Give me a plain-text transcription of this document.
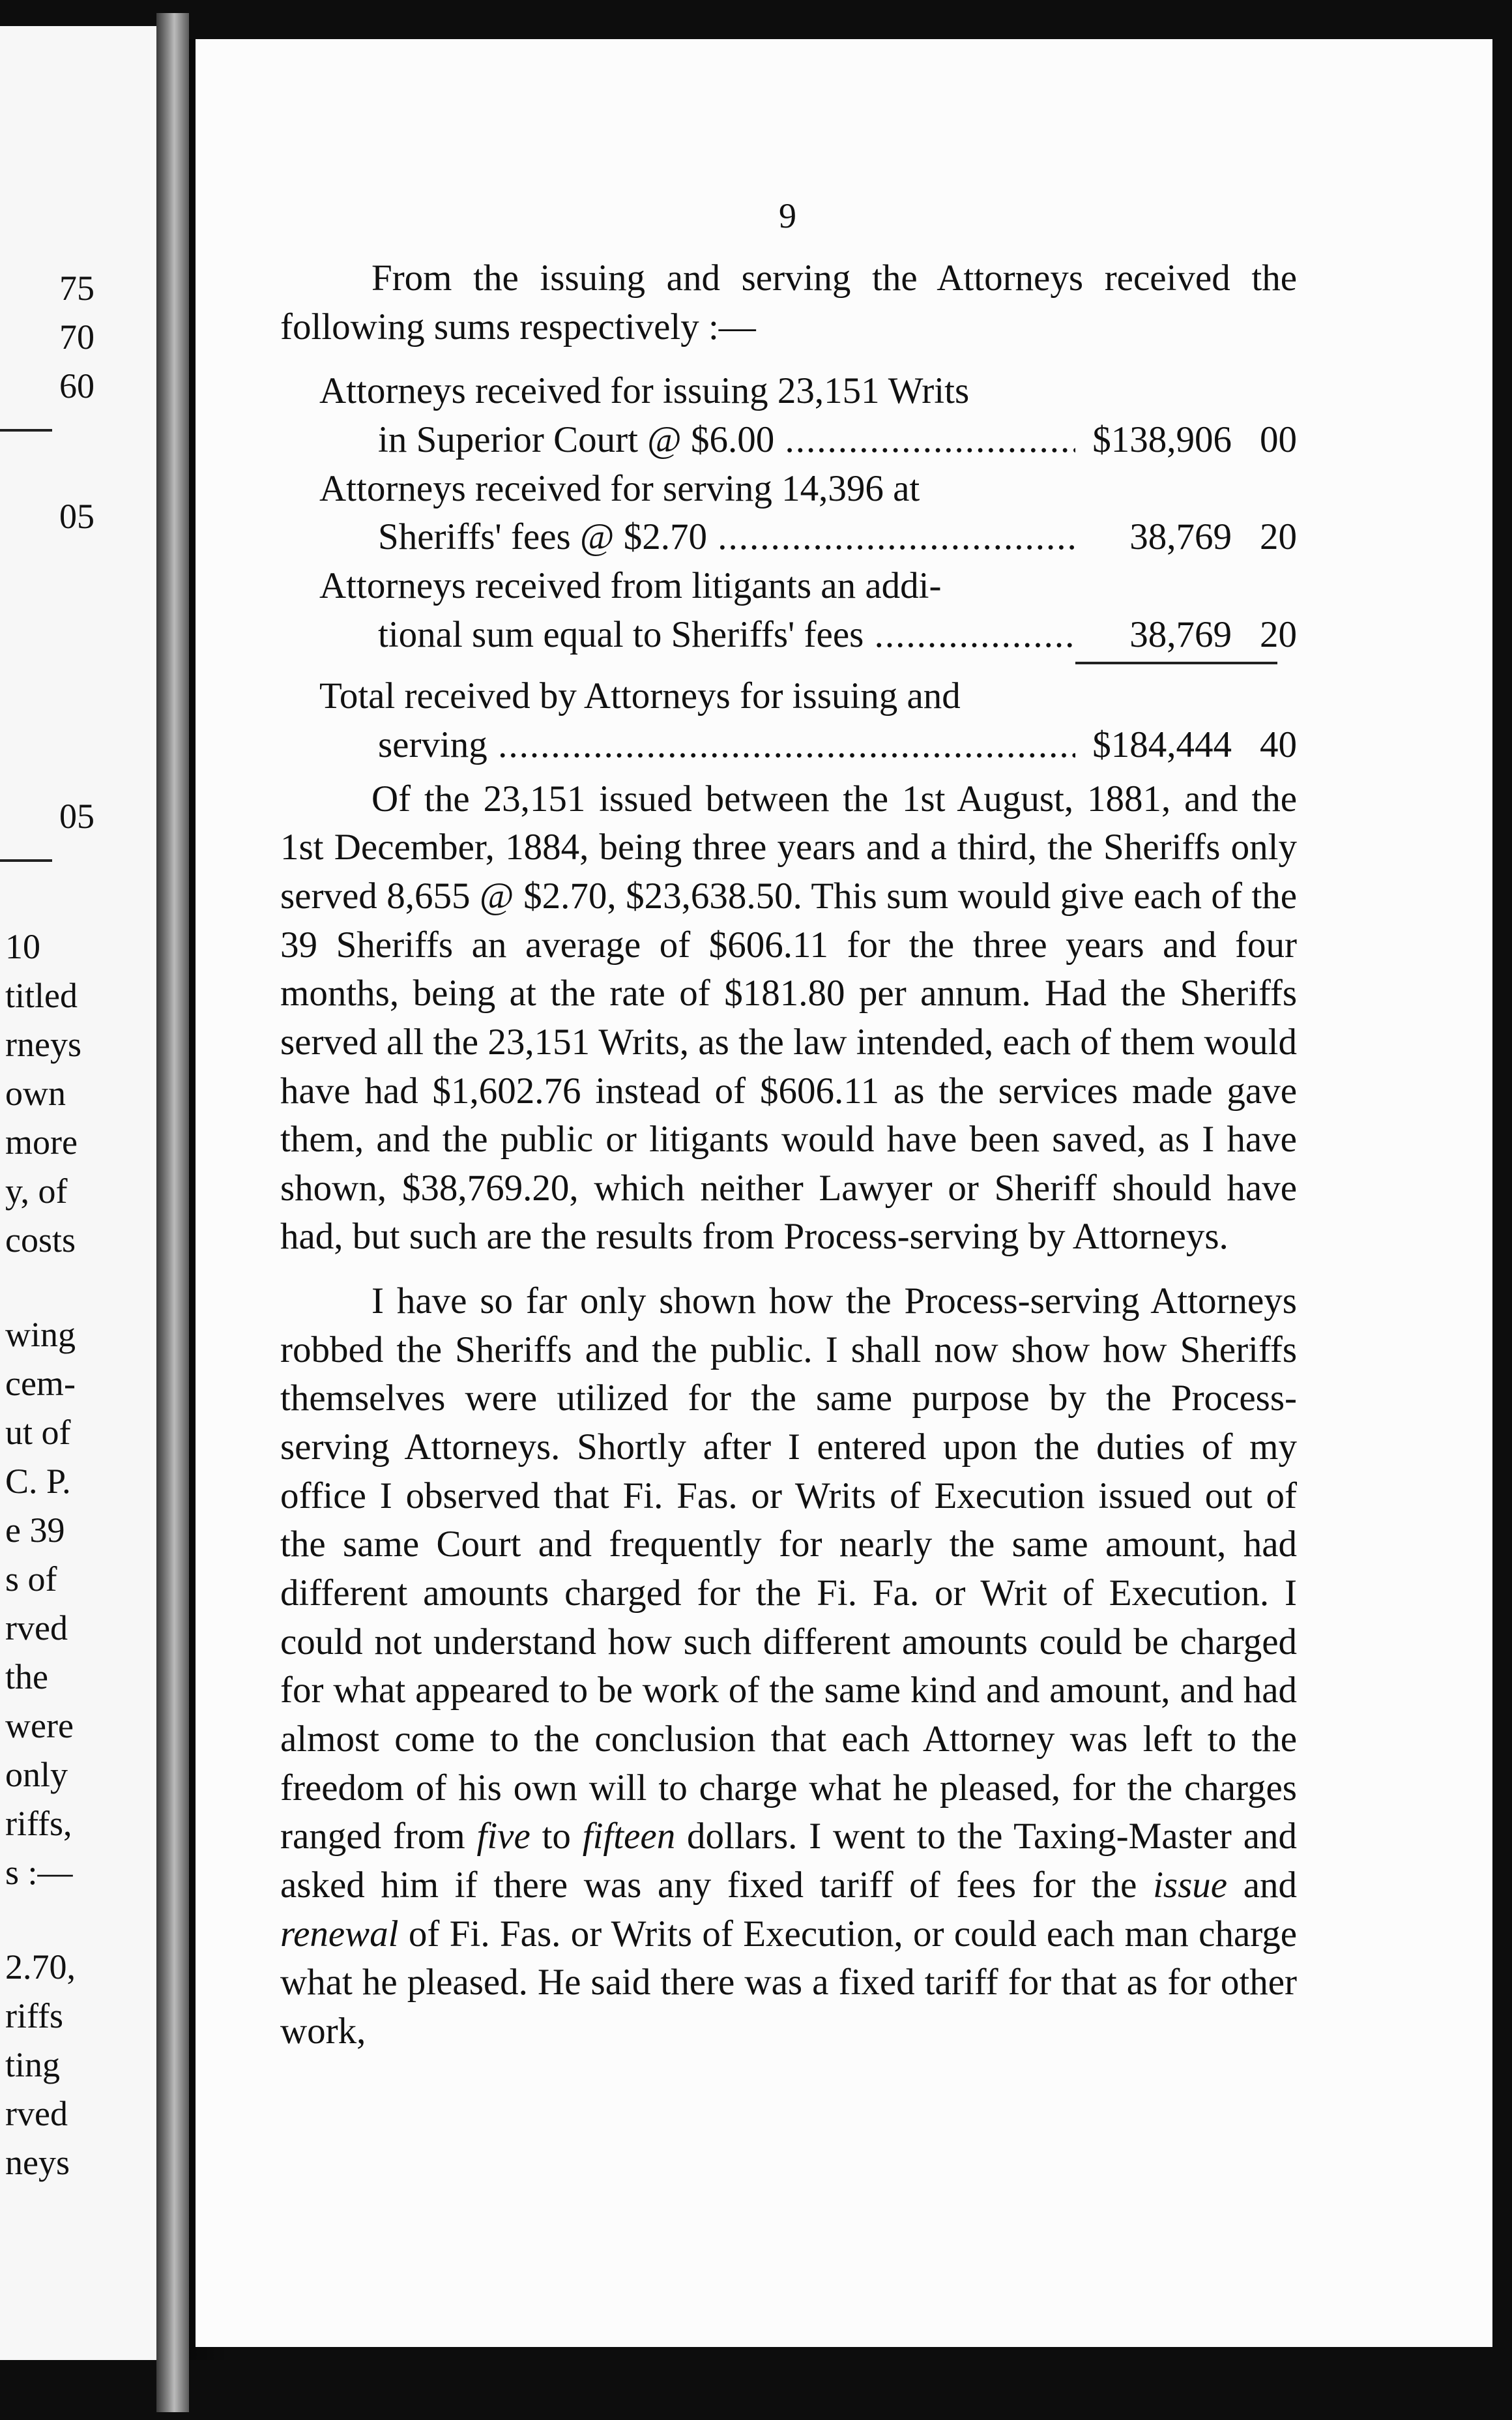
75
70
60
05
05
10
titled
rneys
own
more
y, of
costs
wing
cem-
ut of
C. P.
e 39
s of
rved
the
were
only
riffs,
s :—
2.70,
riffs
ting
rved
neys
9

From the issuing and serving the Attorneys received the following sums respectively :—

Attorneys received for issuing 23,151 Writs
in Superior Court @ $6.00 .....	$138,906 00
Attorneys received for serving 14,396 at
Sheriffs' fees @ $2.70 .....	38,769 20
Attorneys received from litigants an addi-
tional sum equal to Sheriffs' fees .....	38,769 20
Total received by Attorneys for issuing and
serving .....	$184,444 40

Of the 23,151 issued between the 1st August, 1881, and the 1st December, 1884, being three years and a third, the Sheriffs only served 8,655 @ $2.70, $23,638.50. This sum would give each of the 39 Sheriffs an average of $606.11 for the three years and four months, being at the rate of $181.80 per annum. Had the Sheriffs served all the 23,151 Writs, as the law intended, each of them would have had $1,602.76 instead of $606.11 as the services made gave them, and the public or litigants would have been saved, as I have shown, $38,769.20, which neither Lawyer or Sheriff should have had, but such are the results from Process-serving by Attorneys.

I have so far only shown how the Process-serving Attorneys robbed the Sheriffs and the public. I shall now show how Sheriffs themselves were utilized for the same purpose by the Process-serving Attorneys. Shortly after I entered upon the duties of my office I observed that Fi. Fas. or Writs of Execution issued out of the same Court and frequently for nearly the same amount, had different amounts charged for the Fi. Fa. or Writ of Execution. I could not understand how such different amounts could be charged for what appeared to be work of the same kind and amount, and had almost come to the conclusion that each Attorney was left to the freedom of his own will to charge what he pleased, for the charges ranged from five to fifteen dollars. I went to the Taxing-Master and asked him if there was any fixed tariff of fees for the issue and renewal of Fi. Fas. or Writs of Execution, or could each man charge what he pleased. He said there was a fixed tariff for that as for other work,
